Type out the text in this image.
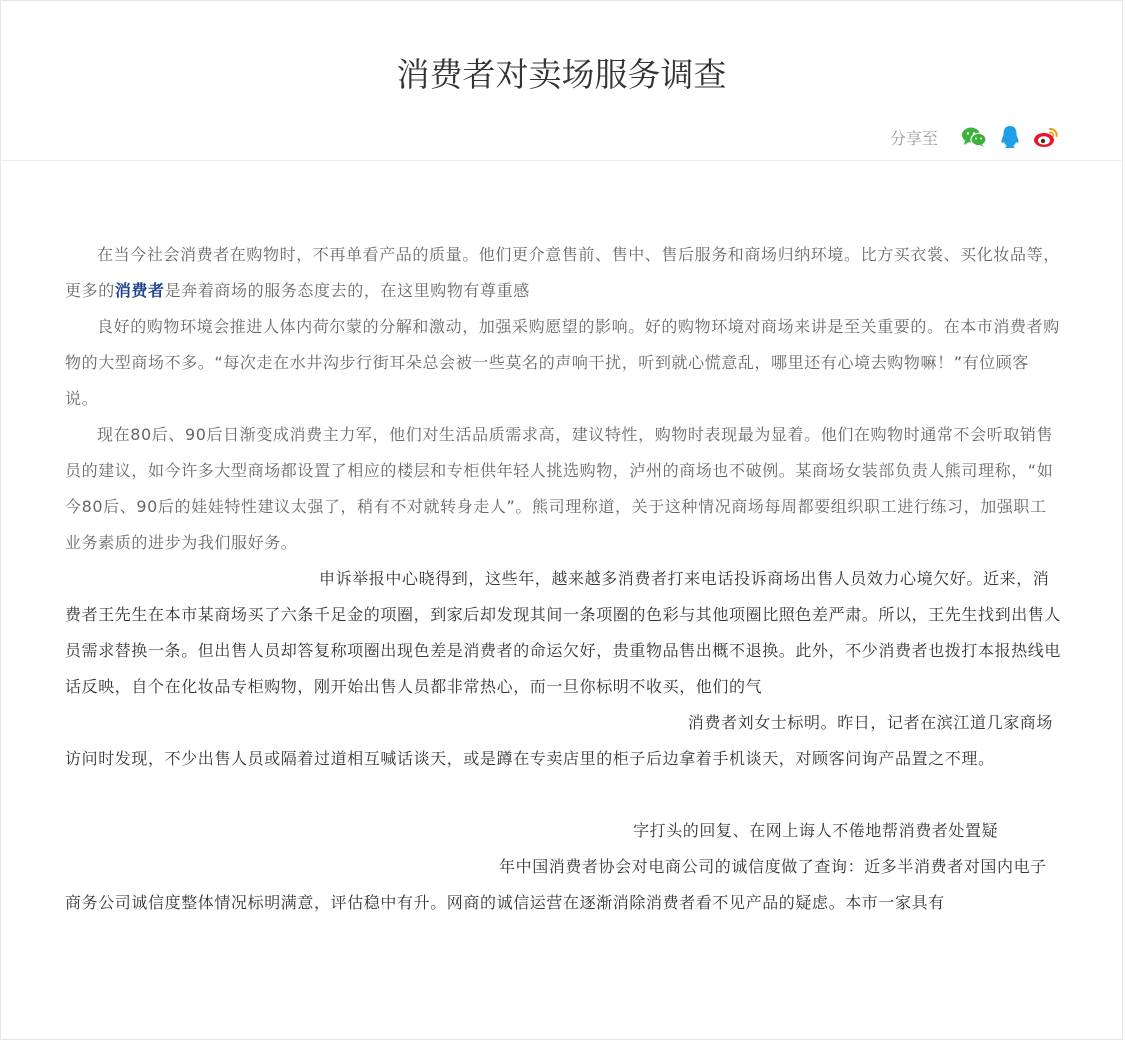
消费者对卖场服务调查
分享至

在当今社会消费者在购物时，不再单看产品的质量。他们更介意售前、售中、售后服务和商场归纳环境。比方买衣裳、买化妆品等，更多的消费者是奔着商场的服务态度去的，在这里购物有尊重感

良好的购物环境会推进人体内荷尔蒙的分解和激动，加强采购愿望的影响。好的购物环境对商场来讲是至关重要的。在本市消费者购物的大型商场不多。“每次走在水井沟步行街耳朵总会被一些莫名的声响干扰，听到就心慌意乱，哪里还有心境去购物嘛！”有位顾客说。

现在80后、90后日渐变成消费主力军，他们对生活品质需求高，建议特性，购物时表现最为显着。他们在购物时通常不会听取销售员的建议，如今许多大型商场都设置了相应的楼层和专柜供年轻人挑选购物，泸州的商场也不破例。某商场女装部负责人熊司理称，“如今80后、90后的娃娃特性建议太强了，稍有不对就转身走人”。熊司理称道，关于这种情况商场每周都要组织职工进行练习，加强职工业务素质的进步为我们服好务。

申诉举报中心晓得到，这些年，越来越多消费者打来电话投诉商场出售人员效力心境欠好。近来，消费者王先生在本市某商场买了六条千足金的项圈，到家后却发现其间一条项圈的色彩与其他项圈比照色差严肃。所以，王先生找到出售人员需求替换一条。但出售人员却答复称项圈出现色差是消费者的命运欠好，贵重物品售出概不退换。此外，不少消费者也拨打本报热线电话反映，自个在化妆品专柜购物，刚开始出售人员都非常热心，而一旦你标明不收买，他们的气

消费者刘女士标明。昨日，记者在滨江道几家商场

访问时发现，不少出售人员或隔着过道相互喊话谈天，或是蹲在专卖店里的柜子后边拿着手机谈天，对顾客问询产品置之不理。

字打头的回复、在网上诲人不倦地帮消费者处置疑

年中国消费者协会对电商公司的诚信度做了查询：近多半消费者对国内电子商务公司诚信度整体情况标明满意，评估稳中有升。网商的诚信运营在逐渐消除消费者看不见产品的疑虑。本市一家具有
